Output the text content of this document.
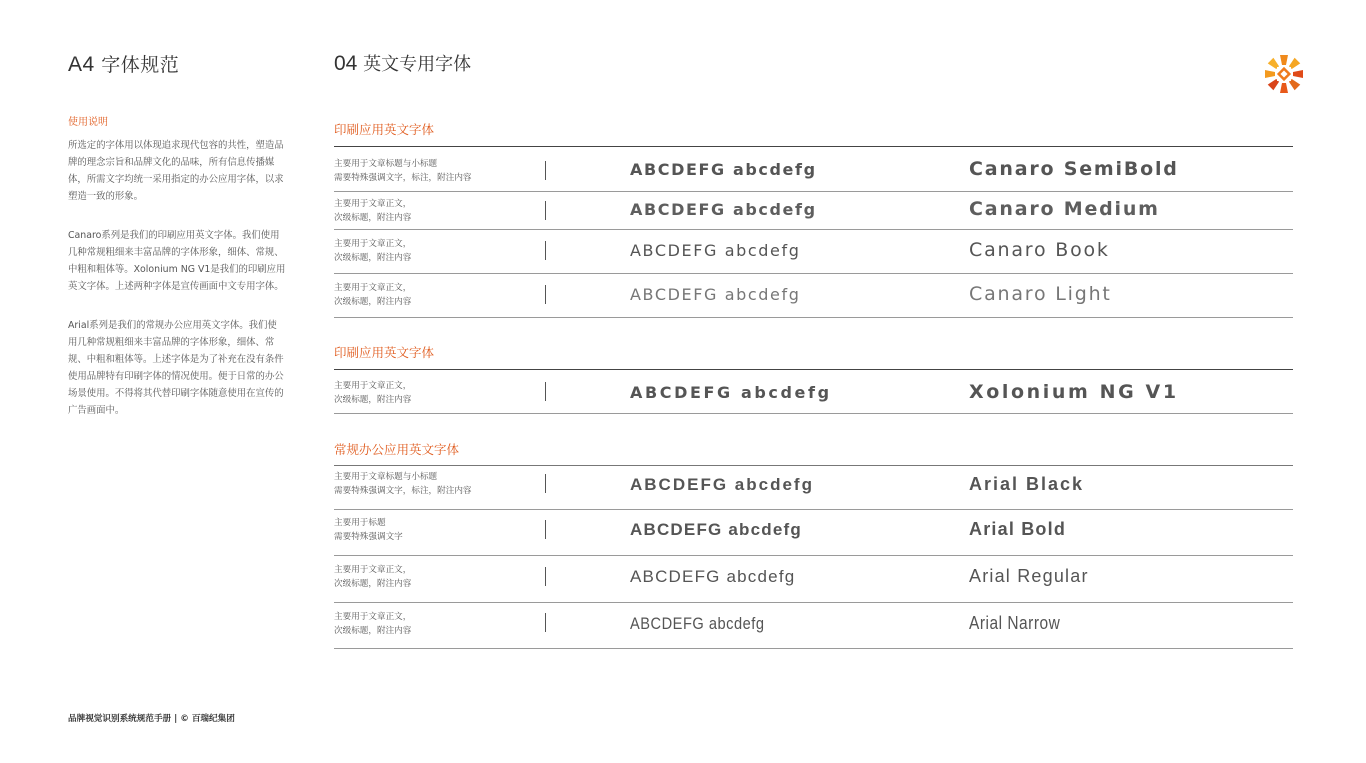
A4 字体规范	04 英文专用字体
使用说明

所选定的字体用以体现追求现代包容的共性，塑造品牌的理念宗旨和品牌文化的品味，所有信息传播媒体，所需文字均统一采用指定的办公应用字体，以求塑造一致的形象。

Canaro系列是我们的印刷应用英文字体。我们使用几种常规粗细来丰富品牌的字体形象，细体、常规、中粗和粗体等。Xolonium NG V1是我们的印刷应用英文字体。上述两种字体是宣传画面中文专用字体。

Arial系列是我们的常规办公应用英文字体。我们使用几种常规粗细来丰富品牌的字体形象，细体、常规、中粗和粗体等。上述字体是为了补充在没有条件使用品牌特有印刷字体的情况使用。便于日常的办公场景使用。不得将其代替印刷字体随意使用在宣传的广告画面中。

印刷应用英文字体
主要用于文章标题与小标题
需要特殊强调文字，标注，附注内容	ABCDEFG abcdefg	Canaro SemiBold
主要用于文章正文，
次级标题，附注内容	ABCDEFG abcdefg	Canaro Medium
主要用于文章正文，
次级标题，附注内容	ABCDEFG abcdefg	Canaro Book
主要用于文章正文，
次级标题，附注内容	ABCDEFG abcdefg	Canaro Light
印刷应用英文字体
主要用于文章正文，
次级标题，附注内容	ABCDEFG abcdefg	Xolonium NG V1
常规办公应用英文字体
主要用于文章标题与小标题
需要特殊强调文字，标注，附注内容	ABCDEFG abcdefg	Arial Black
主要用于标题
需要特殊强调文字	ABCDEFG abcdefg	Arial Bold
主要用于文章正文，
次级标题，附注内容	ABCDEFG abcdefg	Arial Regular
主要用于文章正文，
次级标题，附注内容	ABCDEFG abcdefg	Arial Narrow
品牌视觉识别系统规范手册 | © 百瑞纪集团
